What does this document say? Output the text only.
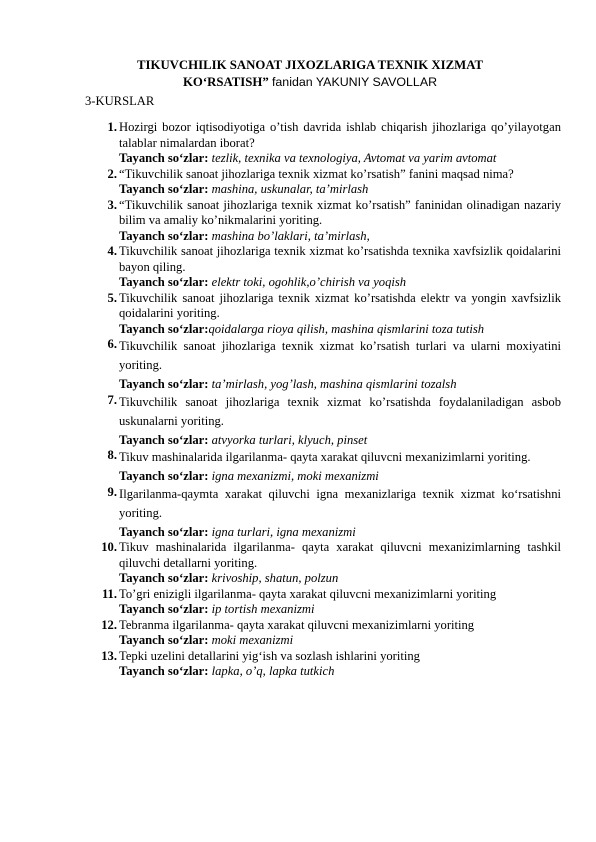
TIKUVCHILIK SANOAT JIXOZLARIGA TEXNIK XIZMAT
KO‘RSATISH” fanidan YAKUNIY SAVOLLAR
3-KURSLAR
1. Hozirgi bozor iqtisodiyotiga o’tish davrida ishlab chiqarish jihozlariga qo’yilayotgan talablar nimalardan iborat?
Tayanch so‘zlar: tezlik, texnika va texnologiya, Avtomat va yarim avtomat
2. “Tikuvchilik sanoat jihozlariga texnik xizmat ko’rsatish” fanini maqsad nima?
Tayanch so‘zlar: mashina, uskunalar, ta’mirlash
3. “Tikuvchilik sanoat jihozlariga texnik xizmat ko’rsatish” faninidan olinadigan nazariy bilim va amaliy ko’nikmalarini yoriting.
Tayanch so‘zlar: mashina bo’laklari, ta’mirlash,
4. Tikuvchilik sanoat jihozlariga texnik xizmat ko’rsatishda texnika xavfsizlik qoidalarini bayon qiling.
Tayanch so‘zlar: elektr toki, ogohlik,o’chirish va yoqish
5. Tikuvchilik sanoat jihozlariga texnik xizmat ko’rsatishda elektr va yongin xavfsizlik qoidalarini yoriting.
Tayanch so‘zlar:qoidalarga rioya qilish, mashina qismlarini toza tutish
6. Tikuvchilik sanoat jihozlariga texnik xizmat ko’rsatish turlari va ularni moxiyatini yoriting.
Tayanch so‘zlar: ta’mirlash, yog’lash, mashina qismlarini tozalsh
7. Tikuvchilik sanoat jihozlariga texnik xizmat ko’rsatishda foydalaniladigan asbob uskunalarni yoriting.
Tayanch so‘zlar: atvyorka turlari, klyuch, pinset
8. Tikuv mashinalarida ilgarilanma- qayta xarakat qiluvcni mexanizimlarni yoriting.
Tayanch so‘zlar: igna mexanizmi, moki mexanizmi
9. Ilgarilanma-qaymta xarakat qiluvchi igna mexanizlariga texnik xizmat ko‘rsatishni yoriting.
Tayanch so‘zlar: igna turlari, igna mexanizmi
10. Tikuv mashinalarida ilgarilanma- qayta xarakat qiluvcni mexanizimlarning tashkil qiluvchi detallarni yoriting.
Tayanch so‘zlar: krivoship, shatun, polzun
11. To’gri enizigli ilgarilanma- qayta xarakat qiluvcni mexanizimlarni yoriting
Tayanch so‘zlar: ip tortish mexanizmi
12. Tebranma ilgarilanma- qayta xarakat qiluvcni mexanizimlarni yoriting
Tayanch so‘zlar: moki mexanizmi
13. Tepki uzelini detallarini yig‘ish va sozlash ishlarini yoriting
Tayanch so‘zlar: lapka, o’q, lapka tutkich
